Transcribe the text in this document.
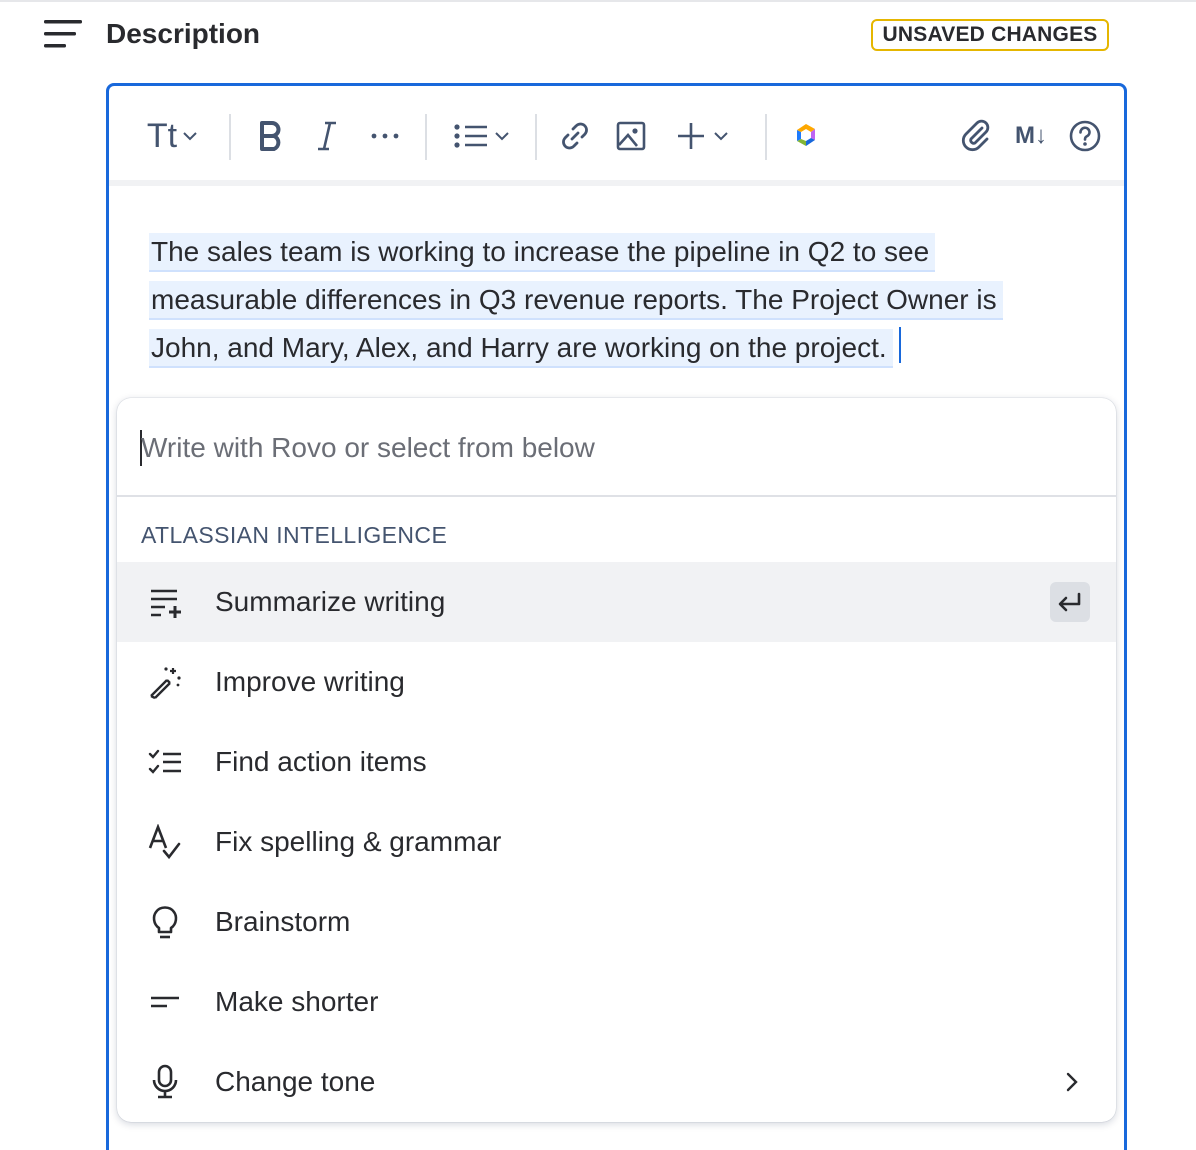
Description	UNSAVED CHANGES
Tt	M↓
The sales team is working to increase the pipeline in Q2 to see
measurable differences in Q3 revenue reports. The Project Owner is
John, and Mary, Alex, and Harry are working on the project.
Write with Rovo or select from below
ATLASSIAN INTELLIGENCE
Summarize writing
Improve writing
Find action items
Fix spelling & grammar
Brainstorm
Make shorter
Change tone
